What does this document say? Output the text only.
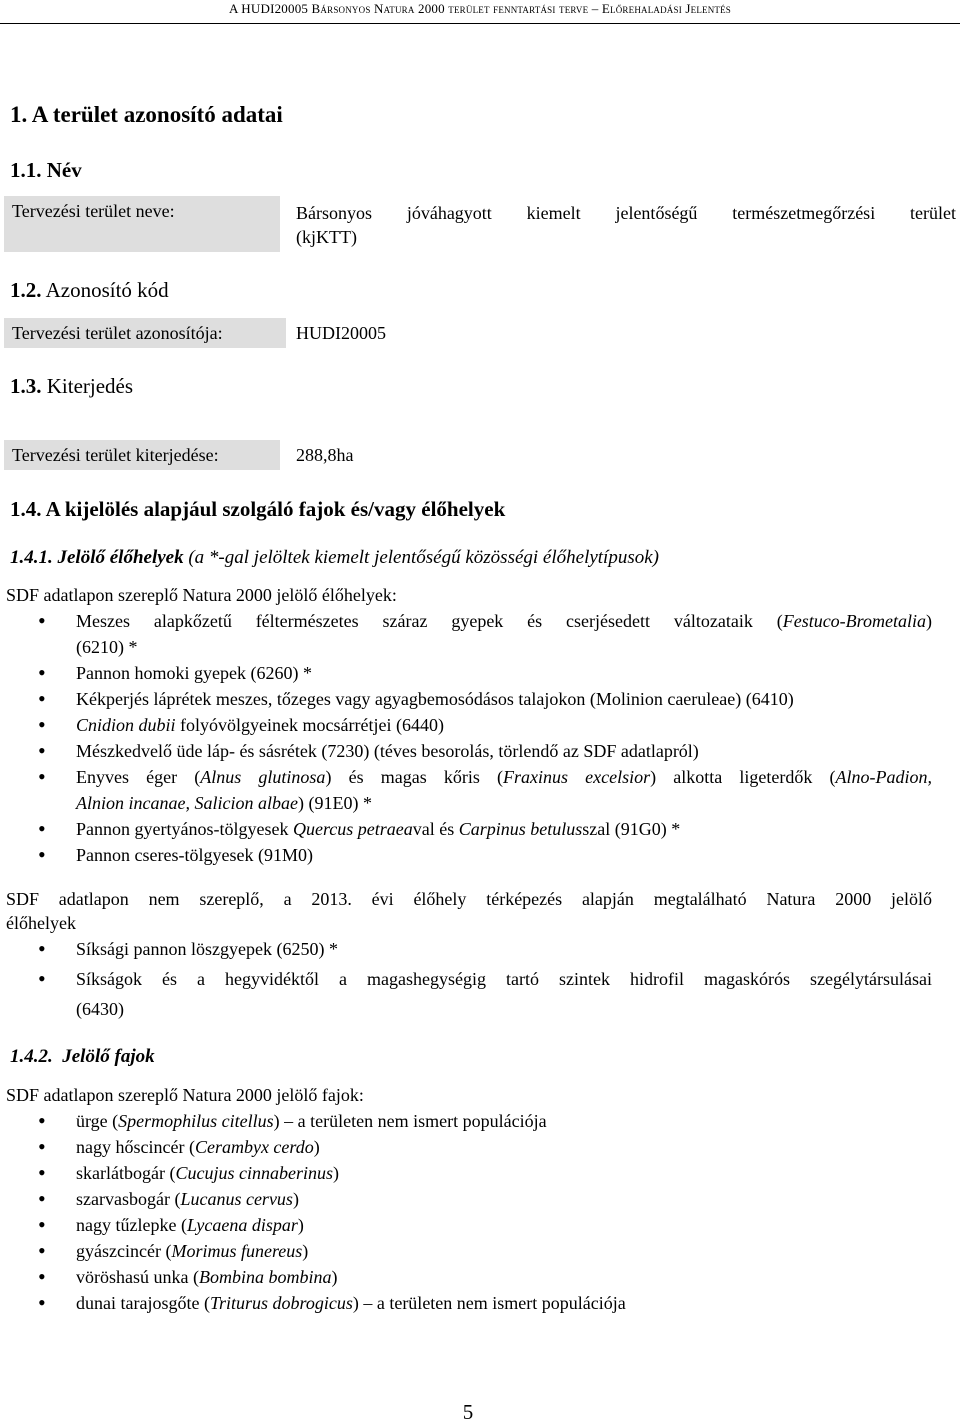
A HUDI20005 Bársonyos Natura 2000 terület fenntartási terve – Előrehaladási Jelentés
1. A terület azonosító adatai
1.1. Név
Tervezési terület neve:	Bársonyos jóváhagyott kiemelt jelentőségű természetmegőrzési terület
(kjKTT)
1.2. Azonosító kód
Tervezési terület azonosítója:	HUDI20005
1.3. Kiterjedés
Tervezési terület kiterjedése:	288,8ha
1.4. A kijelölés alapjául szolgáló fajok és/vagy élőhelyek
1.4.1. Jelölő élőhelyek (a *-gal jelöltek kiemelt jelentőségű közösségi élőhelytípusok)
SDF adatlapon szereplő Natura 2000 jelölő élőhelyek:
• Meszes alapkőzetű féltermészetes száraz gyepek és cserjésedett változataik (Festuco-Brometalia)
(6210) *
• Pannon homoki gyepek (6260) *
• Kékperjés láprétek meszes, tőzeges vagy agyagbemosódásos talajokon (Molinion caeruleae) (6410)
• Cnidion dubii folyóvölgyeinek mocsárrétjei (6440)
• Mészkedvelő üde láp- és sásrétek (7230) (téves besorolás, törlendő az SDF adatlapról)
• Enyves éger (Alnus glutinosa) és magas kőris (Fraxinus excelsior) alkotta ligeterdők (Alno-Padion,
Alnion incanae, Salicion albae) (91E0) *
• Pannon gyertyános-tölgyesek Quercus petraeaval és Carpinus betulusszal (91G0) *
• Pannon cseres-tölgyesek (91M0)
SDF adatlapon nem szereplő, a 2013. évi élőhely térképezés alapján megtalálható Natura 2000 jelölő
élőhelyek
• Síksági pannon löszgyepek (6250) *
• Síkságok és a hegyvidéktől a magashegységig tartó szintek hidrofil magaskórós szegélytársulásai
(6430)
1.4.2. Jelölő fajok
SDF adatlapon szereplő Natura 2000 jelölő fajok:
• ürge (Spermophilus citellus) – a területen nem ismert populációja
• nagy hőscincér (Cerambyx cerdo)
• skarlátbogár (Cucujus cinnaberinus)
• szarvasbogár (Lucanus cervus)
• nagy tűzlepke (Lycaena dispar)
• gyászcincér (Morimus funereus)
• vöröshasú unka (Bombina bombina)
• dunai tarajosgőte (Triturus dobrogicus) – a területen nem ismert populációja
5
